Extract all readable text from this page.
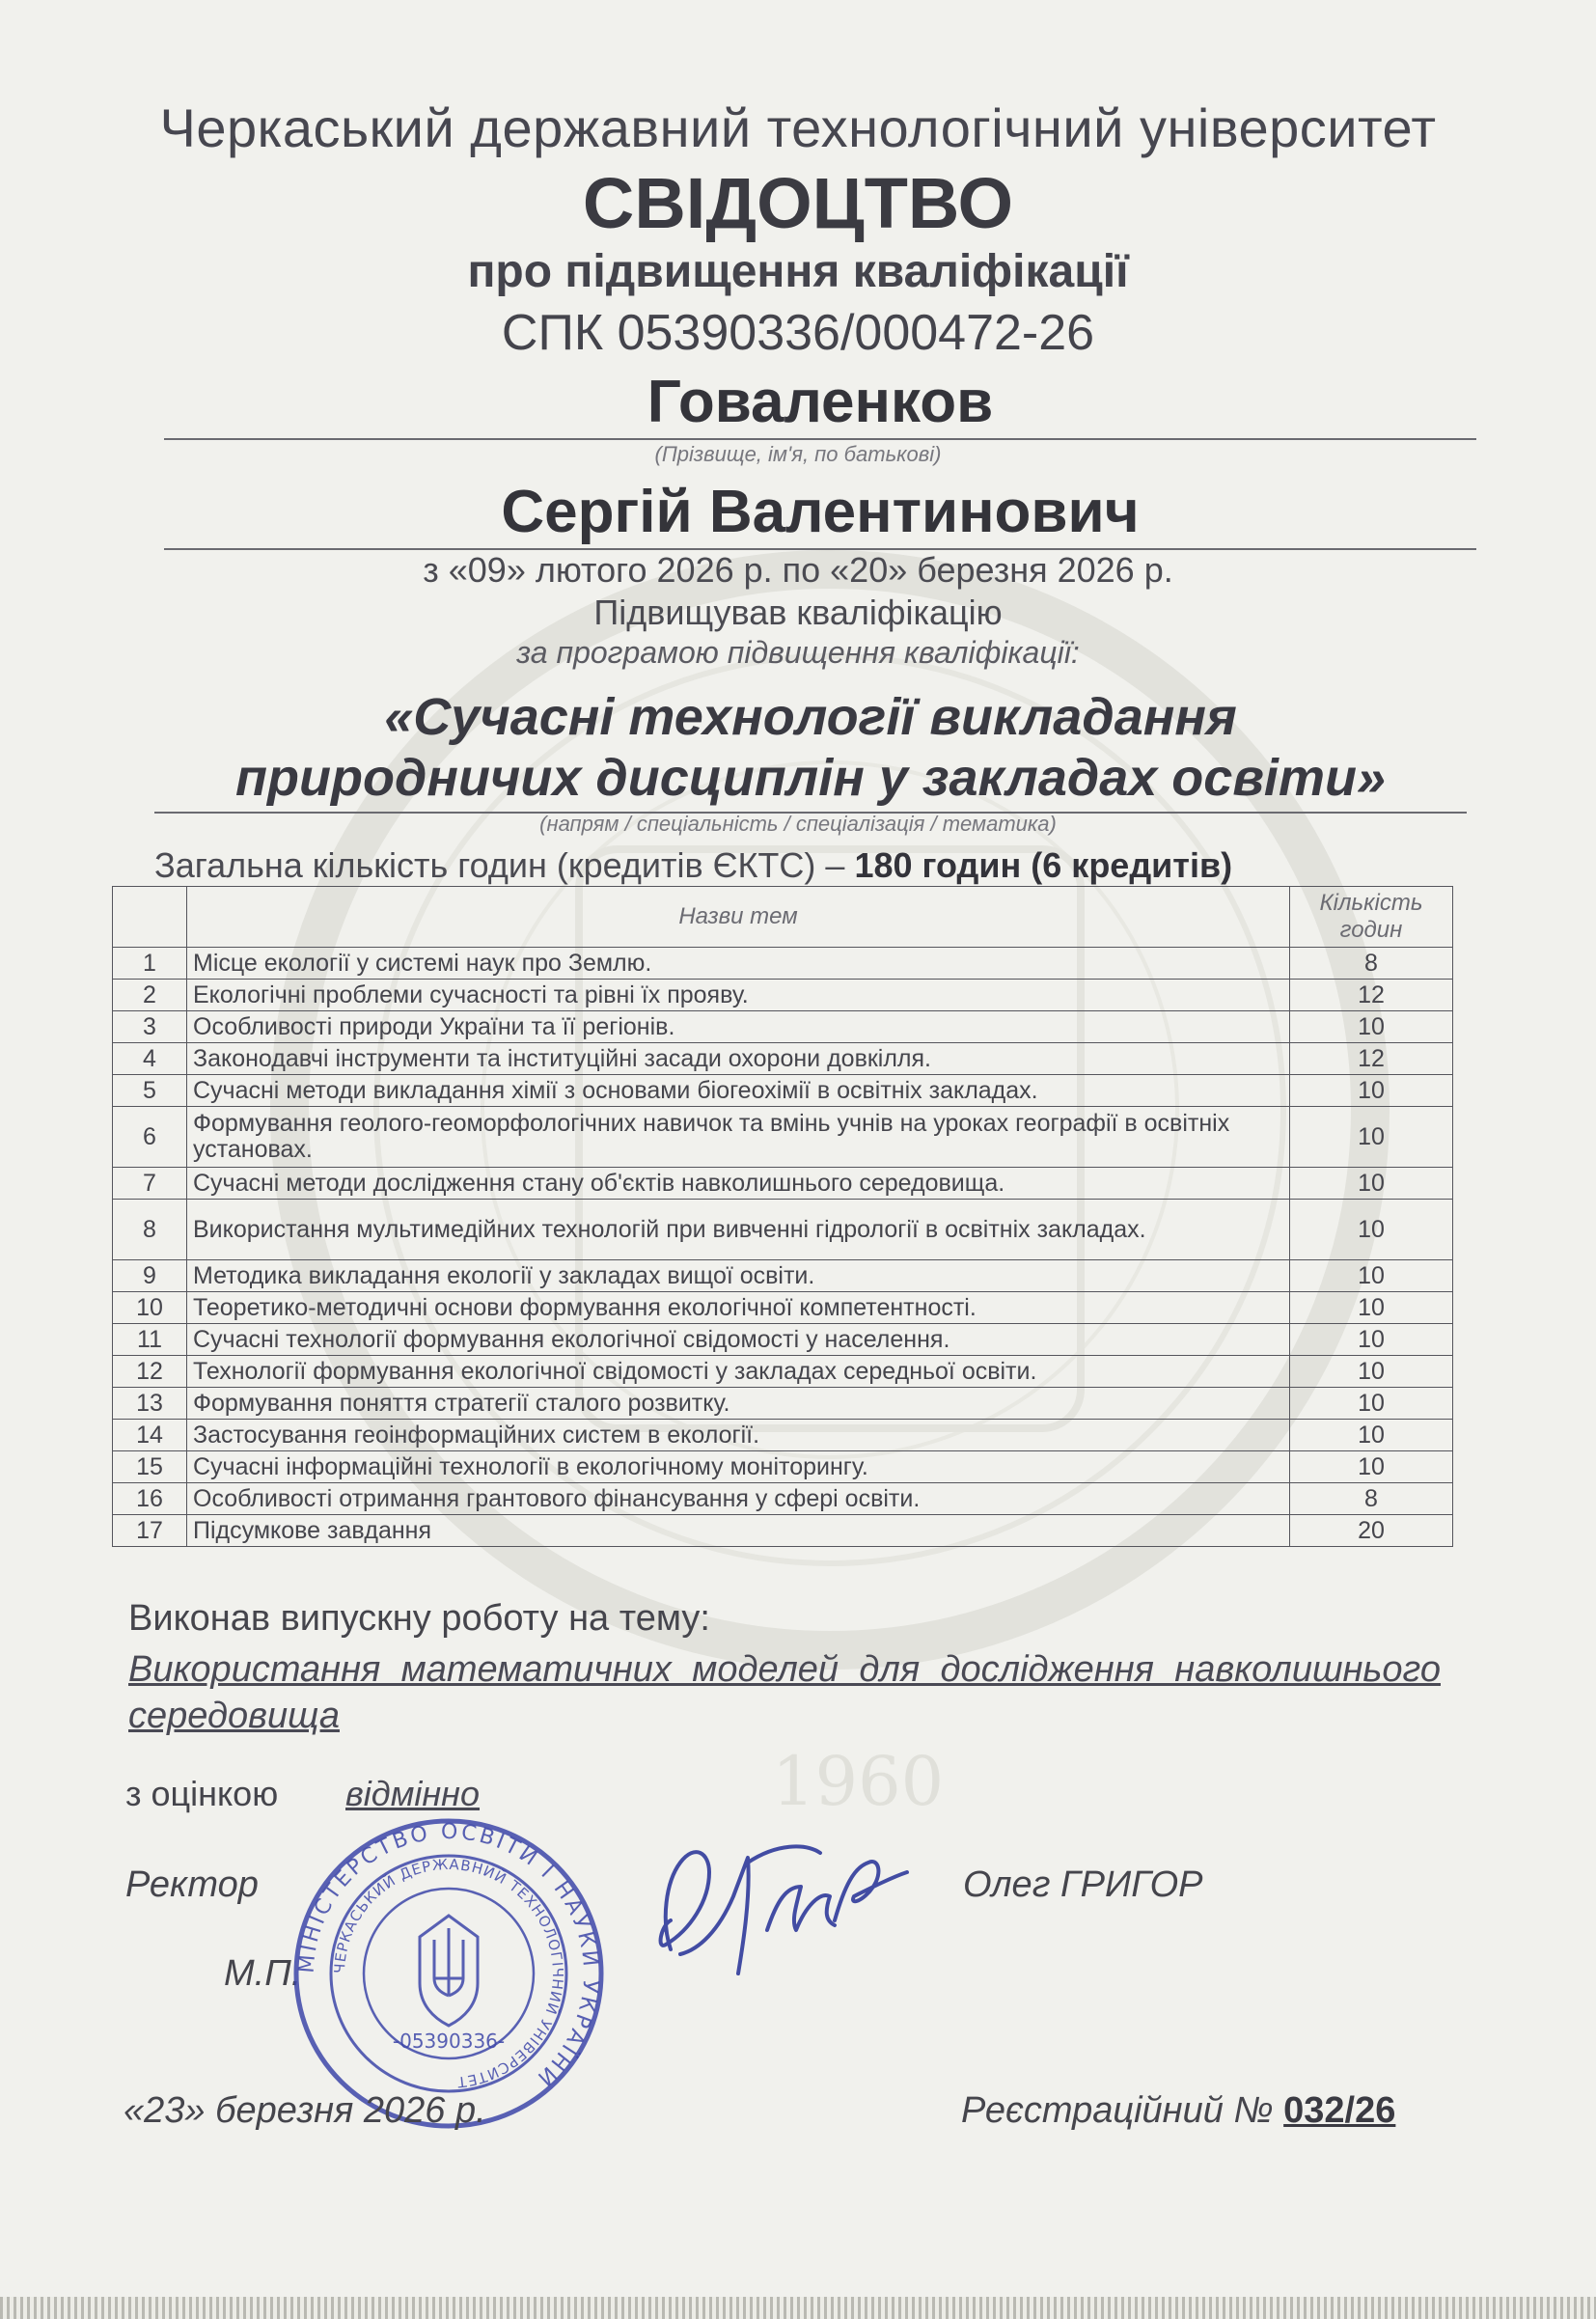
1960
Черкаський державний технологічний університет
СВІДОЦТВО
про підвищення кваліфікації
СПК 05390336/000472-26
Говаленков
(Прізвище, ім'я, по батькові)
Сергій Валентинович
з «09» лютого 2026 р. по «20» березня 2026 р.
Підвищував кваліфікацію
за програмою підвищення кваліфікації:
«Сучасні технології викладання
природничих дисциплін у закладах освіти»
(напрям / спеціальність / спеціалізація / тематика)
Загальна кількість годин (кредитів ЄКТС) – 180 годин (6 кредитів)
	Назви тем	Кількість
годин
1	Місце екології у системі наук про Землю.	8
2	Екологічні проблеми сучасності та рівні їх прояву.	12
3	Особливості природи України та її регіонів.	10
4	Законодавчі інструменти та інституційні засади охорони довкілля.	12
5	Сучасні методи викладання хімії з основами біогеохімії в освітніх закладах.	10
6	Формування геолого-геоморфологічних навичок та вмінь учнів на уроках географії в освітніх установах.	10
7	Сучасні методи дослідження стану об'єктів навколишнього середовища.	10
8	Використання мультимедійних технологій при вивченні гідрології в освітніх закладах.	10
9	Методика викладання екології у закладах вищої освіти.	10
10	Теоретико-методичні основи формування екологічної компетентності.	10
11	Сучасні технології формування екологічної свідомості у населення.	10
12	Технології формування екологічної свідомості у закладах середньої освіти.	10
13	Формування поняття стратегії сталого розвитку.	10
14	Застосування геоінформаційних систем в екології.	10
15	Сучасні інформаційні технології в екологічному моніторингу.	10
16	Особливості отримання грантового фінансування у сфері освіти.	8
17	Підсумкове завдання	20
Виконав випускну роботу на тему:
Використання математичних моделей для дослідження навколишнього середовища
з оцінкою відмінно
Ректор	Олег ГРИГОР
М.П.
МІНІСТЕРСТВО ОСВІТИ І НАУКИ УКРАЇНИ
ЧЕРКАСЬКИЙ ДЕРЖАВНИЙ ТЕХНОЛОГІЧНИЙ УНІВЕРСИТЕТ
-05390336-
«23» березня 2026 р.	Реєстраційний № 032/26
